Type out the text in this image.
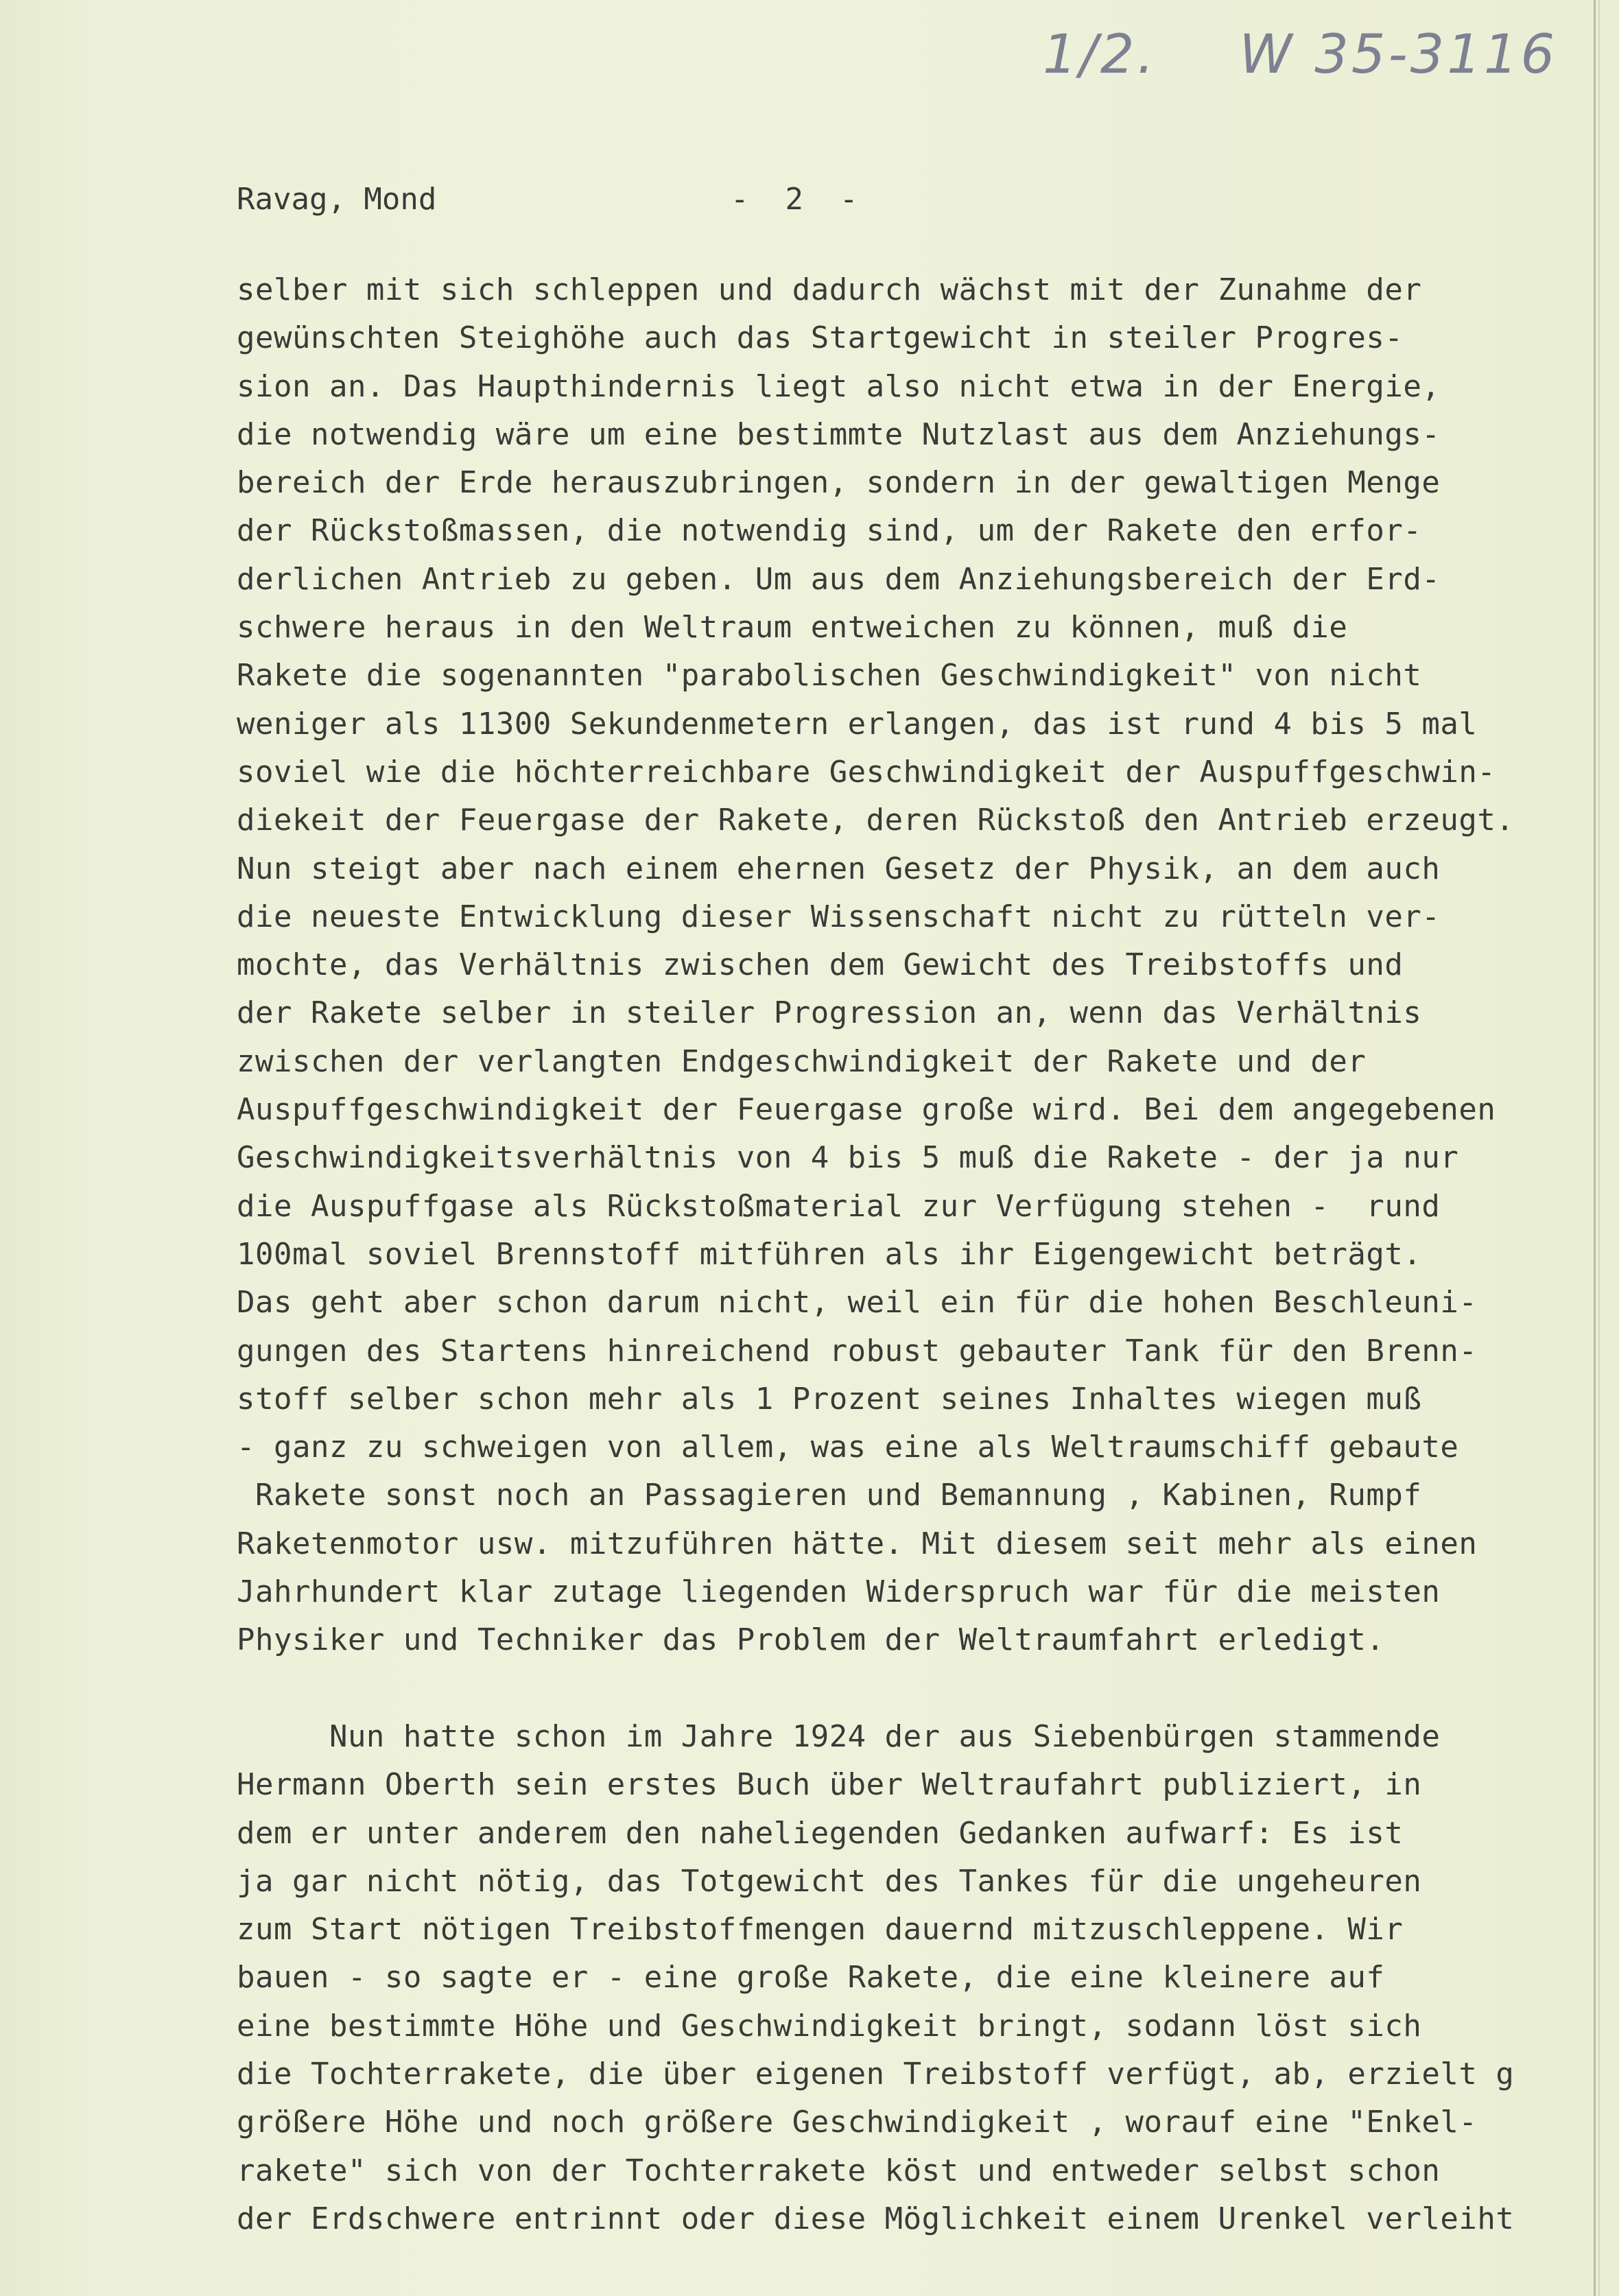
1/2. W 35-3116

Ravag, Mond

	-  2  -

selber mit sich schleppen und dadurch wächst mit der Zunahme der
gewünschten Steighöhe auch das Startgewicht in steiler Progres-
sion an. Das Haupthindernis liegt also nicht etwa in der Energie,
die notwendig wäre um eine bestimmte Nutzlast aus dem Anziehungs-
bereich der Erde herauszubringen, sondern in der gewaltigen Menge
der Rückstoßmassen, die notwendig sind, um der Rakete den erfor-
derlichen Antrieb zu geben. Um aus dem Anziehungsbereich der Erd-
schwere heraus in den Weltraum entweichen zu können, muß die
Rakete die sogenannten "parabolischen Geschwindigkeit" von nicht
weniger als 11300 Sekundenmetern erlangen, das ist rund 4 bis 5 mal
soviel wie die höchterreichbare Geschwindigkeit der Auspuffgeschwin-
diekeit der Feuergase der Rakete, deren Rückstoß den Antrieb erzeugt.
Nun steigt aber nach einem ehernen Gesetz der Physik, an dem auch
die neueste Entwicklung dieser Wissenschaft nicht zu rütteln ver-
mochte, das Verhältnis zwischen dem Gewicht des Treibstoffs und
der Rakete selber in steiler Progression an, wenn das Verhältnis
zwischen der verlangten Endgeschwindigkeit der Rakete und der
Auspuffgeschwindigkeit der Feuergase große wird. Bei dem angegebenen
Geschwindigkeitsverhältnis von 4 bis 5 muß die Rakete - der ja nur
die Auspuffgase als Rückstoßmaterial zur Verfügung stehen -  rund
100mal soviel Brennstoff mitführen als ihr Eigengewicht beträgt.
Das geht aber schon darum nicht, weil ein für die hohen Beschleuni-
gungen des Startens hinreichend robust gebauter Tank für den Brenn-
stoff selber schon mehr als 1 Prozent seines Inhaltes wiegen muß
- ganz zu schweigen von allem, was eine als Weltraumschiff gebaute
Rakete sonst noch an Passagieren und Bemannung , Kabinen, Rumpf
Raketenmotor usw. mitzuführen hätte. Mit diesem seit mehr als einen
Jahrhundert klar zutage liegenden Widerspruch war für die meisten
Physiker und Techniker das Problem der Weltraumfahrt erledigt.
Nun hatte schon im Jahre 1924 der aus Siebenbürgen stammende
Hermann Oberth sein erstes Buch über Weltraufahrt publiziert, in
dem er unter anderem den naheliegenden Gedanken aufwarf: Es ist
ja gar nicht nötig, das Totgewicht des Tankes für die ungeheuren
zum Start nötigen Treibstoffmengen dauernd mitzuschleppene. Wir
bauen - so sagte er - eine große Rakete, die eine kleinere auf
eine bestimmte Höhe und Geschwindigkeit bringt, sodann löst sich
die Tochterrakete, die über eigenen Treibstoff verfügt, ab, erzielt g
größere Höhe und noch größere Geschwindigkeit , worauf eine "Enkel-
rakete" sich von der Tochterrakete köst und entweder selbst schon
der Erdschwere entrinnt oder diese Möglichkeit einem Urenkel verleiht
